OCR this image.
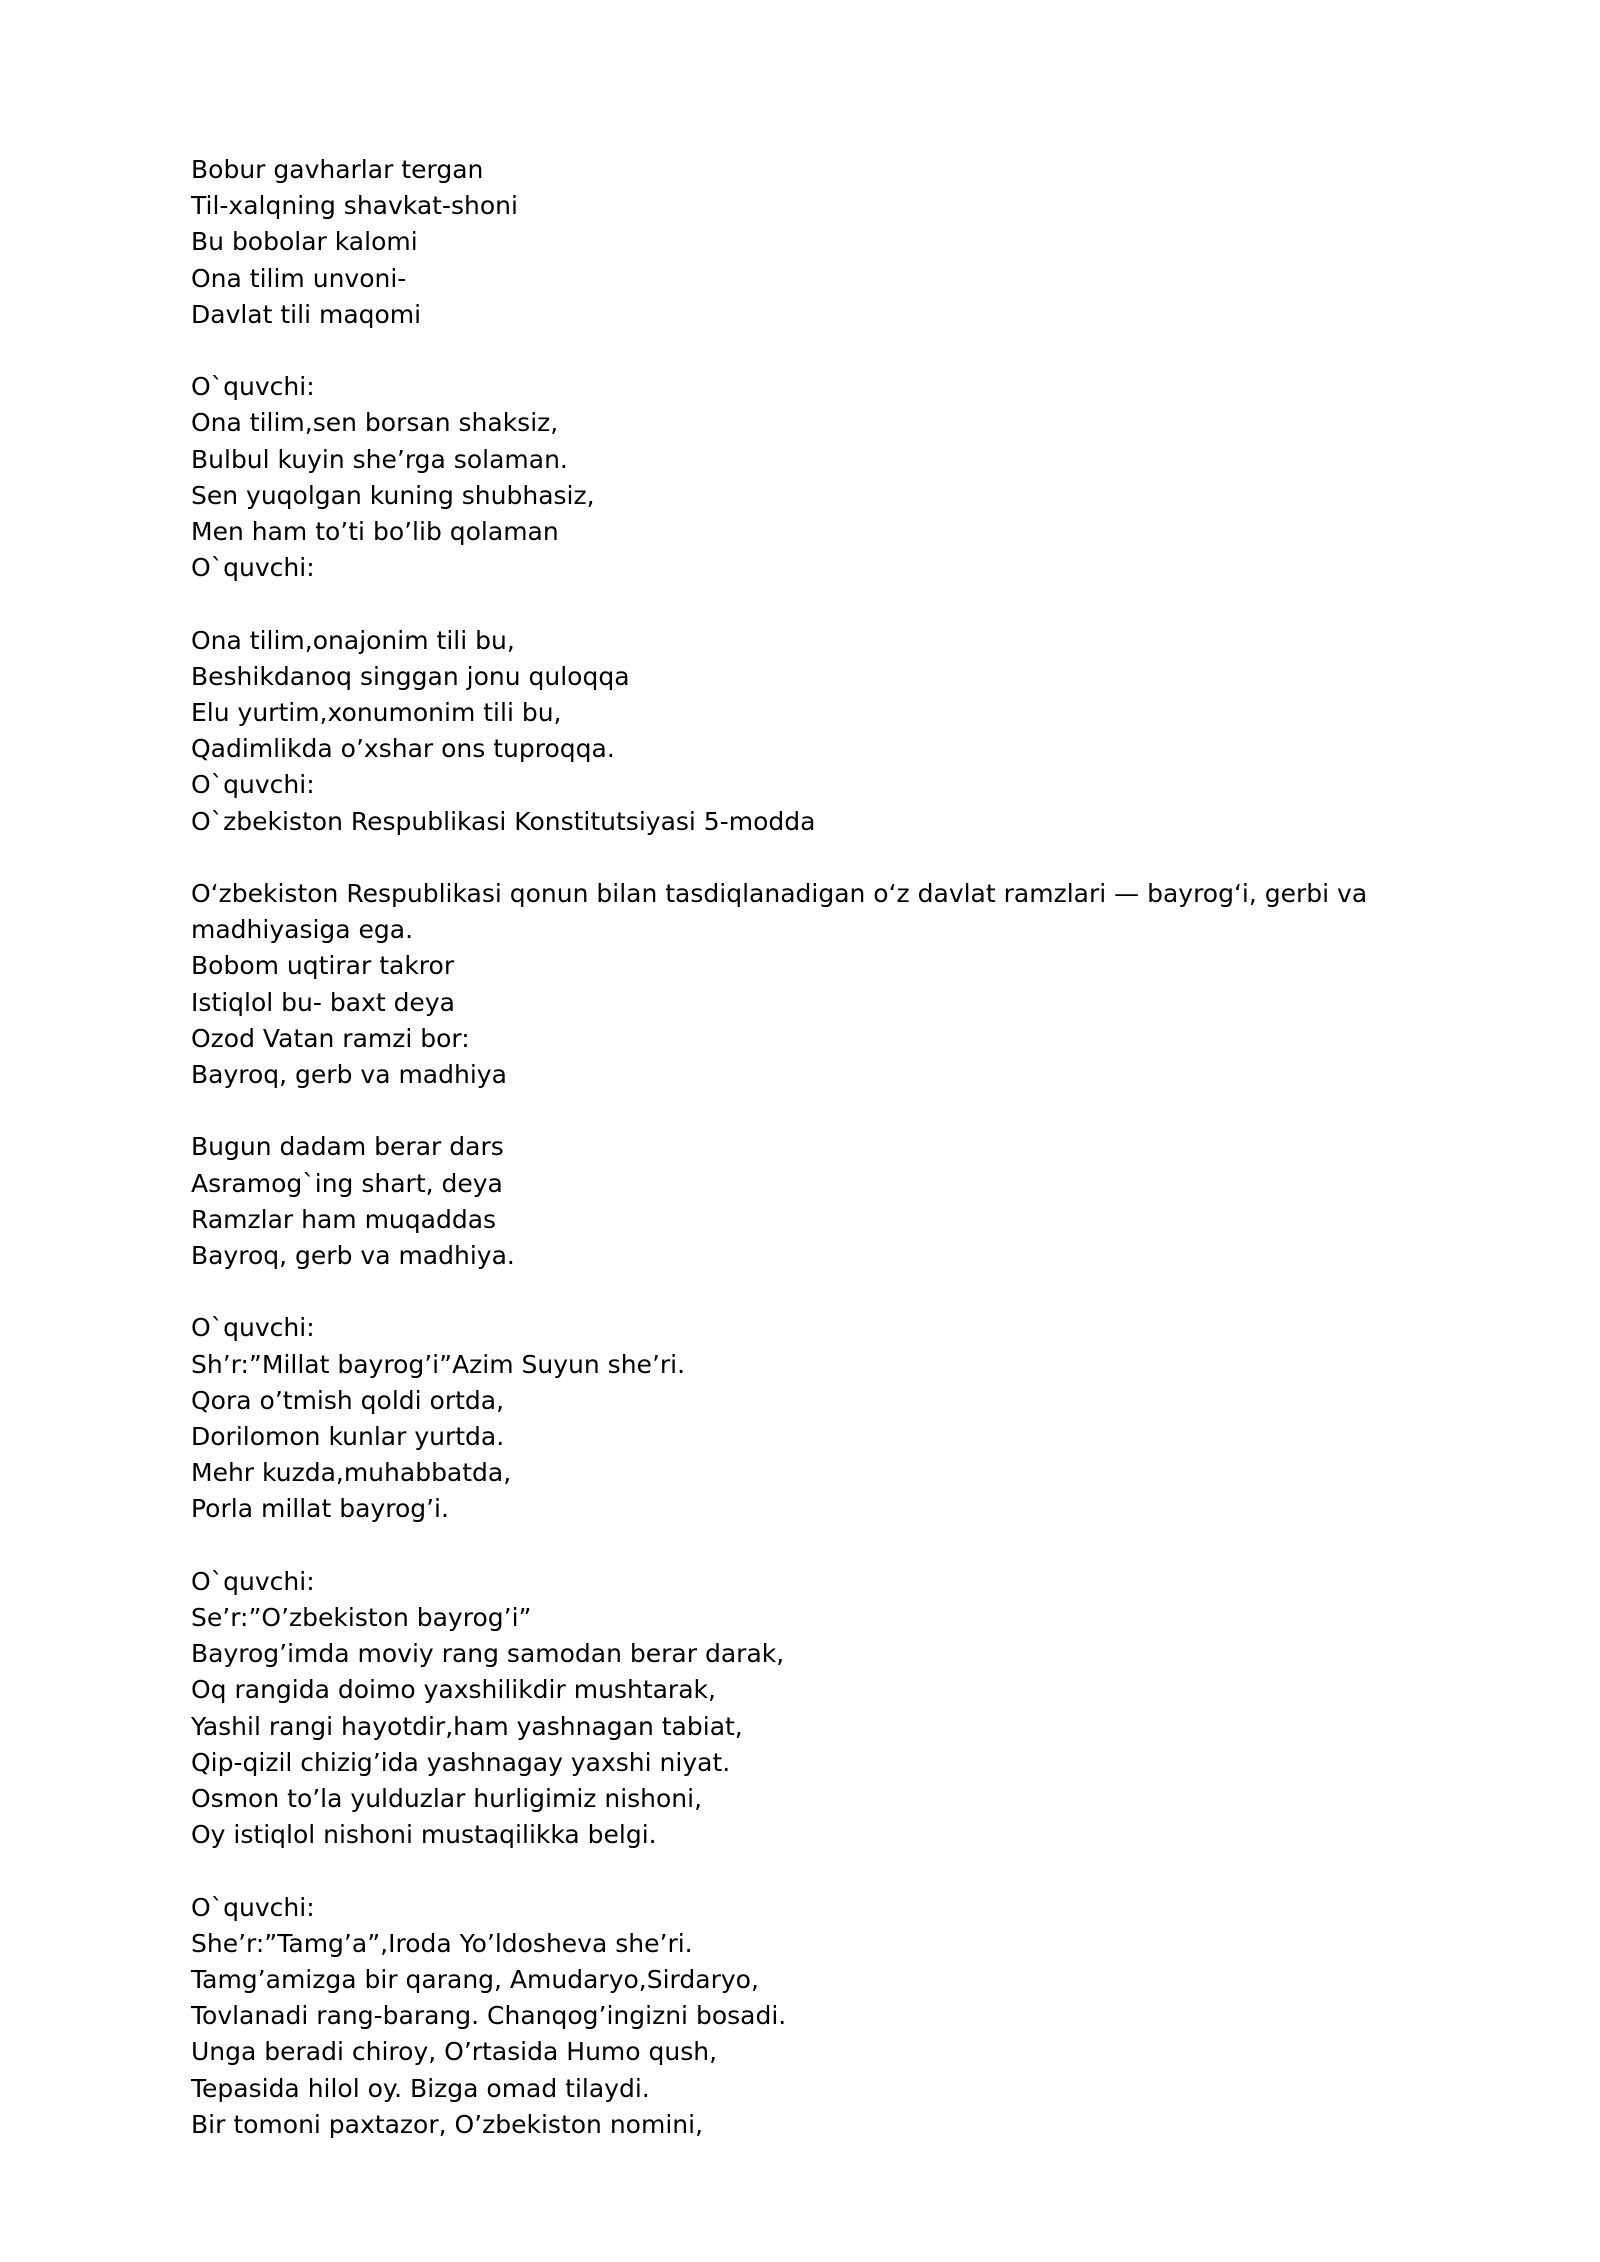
Bobur gavharlar tergan
Til-xalqning shavkat-shoni
Bu bobolar kalomi
Ona tilim unvoni-
Davlat tili maqomi
O`quvchi:
Ona tilim,sen borsan shaksiz,
Bulbul kuyin she’rga solaman.
Sen yuqolgan kuning shubhasiz,
Men ham to’ti bo’lib qolaman
O`quvchi:
Ona tilim,onajonim tili bu,
Beshikdanoq singgan jonu quloqqa
Elu yurtim,xonumonim tili bu,
Qadimlikda o’xshar ons tuproqqa.
O`quvchi:
O`zbekiston Respublikasi Konstitutsiyasi 5-modda
Oʻzbekiston Respublikasi qonun bilan tasdiqlanadigan oʻz davlat ramzlari — bayrogʻi, gerbi va madhiyasiga ega.
Bobom uqtirar takror
Istiqlol bu- baxt deya
Ozod Vatan ramzi bor:
Bayroq, gerb va madhiya
Bugun dadam berar dars
Asramog`ing shart, deya
Ramzlar ham muqaddas
Bayroq, gerb va madhiya.
O`quvchi:
Sh’r:”Millat bayrog’i”Azim Suyun she’ri.
Qora o’tmish qoldi ortda,
Dorilomon kunlar yurtda.
Mehr kuzda,muhabbatda,
Porla millat bayrog’i.
O`quvchi:
Se’r:”O’zbekiston bayrog’i”
Bayrog’imda moviy rang samodan berar darak,
Oq rangida doimo yaxshilikdir mushtarak,
Yashil rangi hayotdir,ham yashnagan tabiat,
Qip-qizil chizig’ida yashnagay yaxshi niyat.
Osmon to’la yulduzlar hurligimiz nishoni,
Oy istiqlol nishoni mustaqilikka belgi.
O`quvchi:
She’r:”Tamg’a”,Iroda Yo’ldosheva she’ri.
Tamg’amizga bir qarang, Amudaryo,Sirdaryo,
Tovlanadi rang-barang. Chanqog’ingizni bosadi.
Unga beradi chiroy, O’rtasida Humo qush,
Tepasida hilol oy. Bizga omad tilaydi.
Bir tomoni paxtazor, O’zbekiston nomini,
